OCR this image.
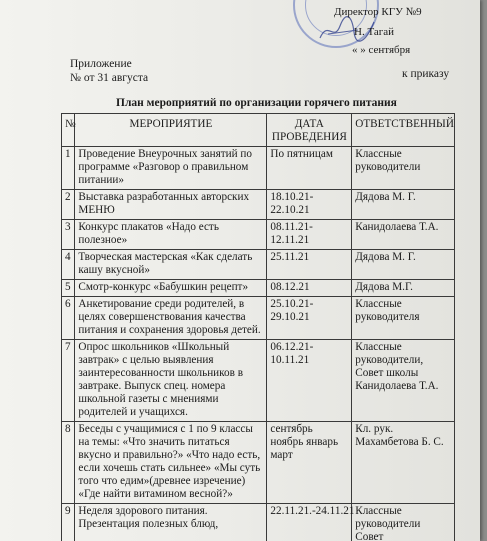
Директор КГУ №9
Н. Тагай
« » сентября
Приложение
№ от 31 августа	к приказу
План мероприятий по организации горячего питания
№	МЕРОПРИЯТИЕ	ДАТА ПРОВЕДЕНИЯ	ОТВЕТСТВЕННЫЙ
1	Проведение Внеурочных занятий по программе «Разговор о правильном питании»	По пятницам	Классные руководители
2	Выставка разработанных авторских МЕНЮ	18.10.21-22.10.21	Дядова М. Г.
3	Конкурс плакатов «Надо есть полезное»	08.11.21-12.11.21	Канидолаева Т.А.
4	Творческая мастерская «Как сделать кашу вкусной»	25.11.21	Дядова М. Г.
5	Смотр-конкурс «Бабушкин рецепт»	08.12.21	Дядова М.Г.
6	Анкетирование среди родителей, в целях совершенствования качества питания и сохранения здоровья детей.	25.10.21-29.10.21	Классные руководителя
7	Опрос школьников «Школьный завтрак» с целью выявления заинтересованности школьников в завтраке. Выпуск спец. номера школьной газеты с мнениями родителей и учащихся.	06.12.21-10.11.21	Классные руководители, Совет школы Канидолаева Т.А.
8	Беседы с учащимися с 1 по 9 классы на темы: «Что значить питаться вкусно и правильно?» «Что надо есть, если хочешь стать сильнее» «Мы суть того что едим»(древнее изречение) «Где найти витамином весной?»	сентябрь ноябрь январь март	Кл. рук. Махамбетова Б. С.
9	Неделя здорового питания. Презентация полезных блюд,	22.11.21.-24.11.21	Классные руководители Совет
